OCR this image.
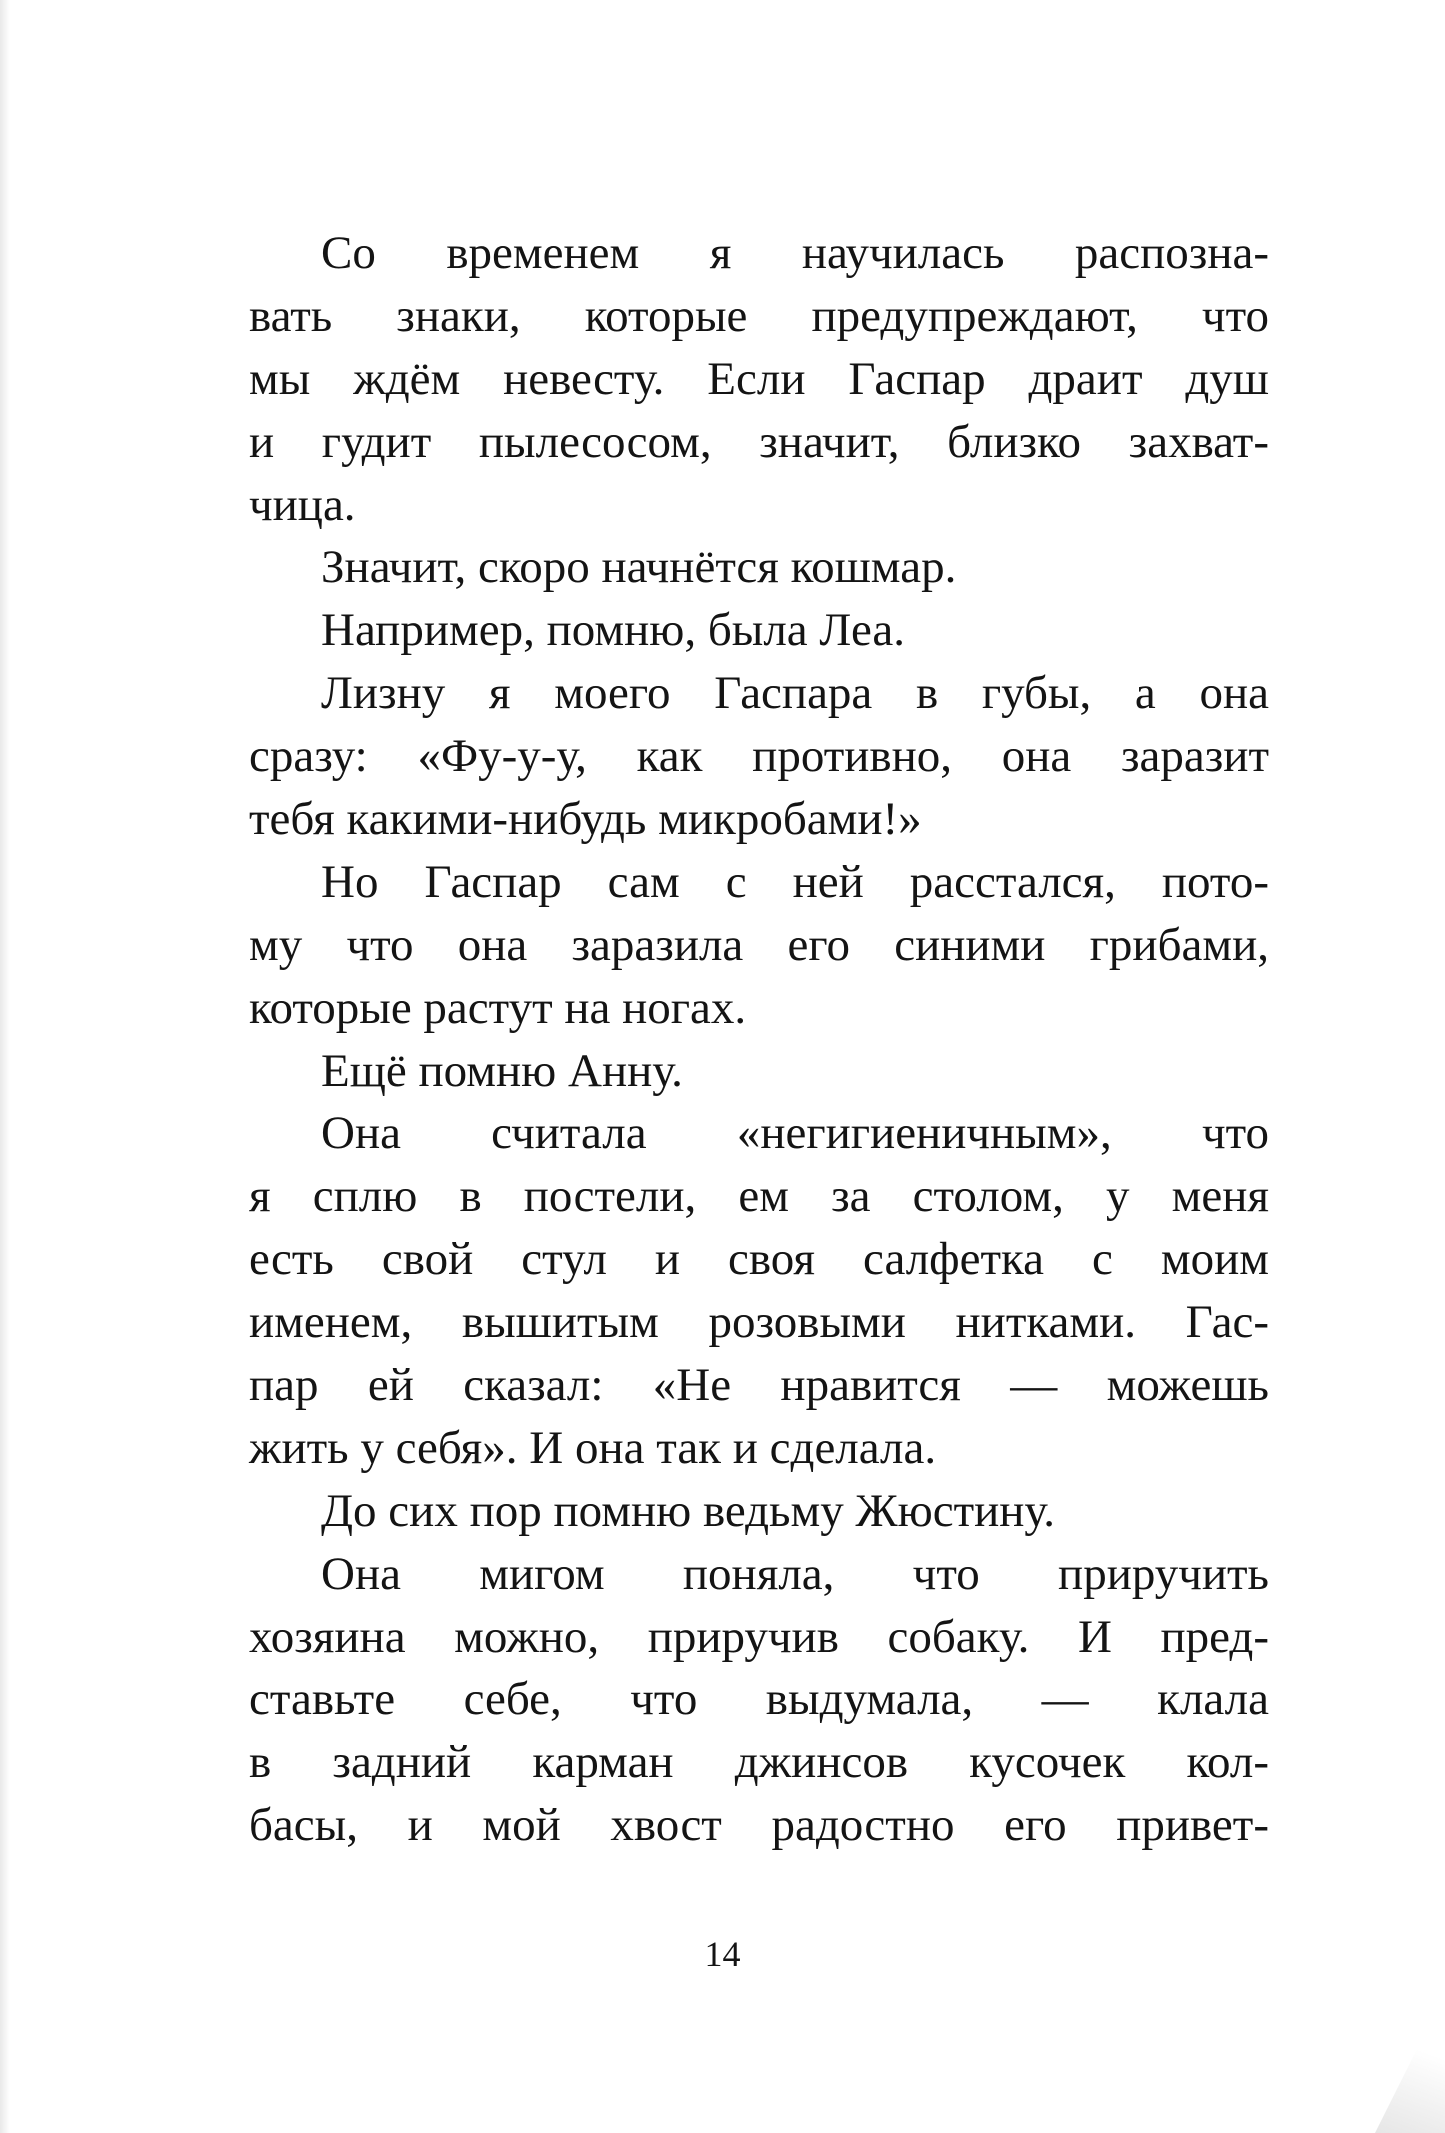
Со временем я научилась распозна-
вать знаки, которые предупреждают, что
мы ждём невесту. Если Гаспар драит душ
и гудит пылесосом, значит, близко захват-
чица.
Значит, скоро начнётся кошмар.
Например, помню, была Леа.
Лизну я моего Гаспара в губы, а она
сразу: «Фу-у-у, как противно, она заразит
тебя какими-нибудь микробами!»
Но Гаспар сам с ней расстался, пото-
му что она заразила его синими грибами,
которые растут на ногах.
Ещё помню Анну.
Она считала «негигиеничным», что
я сплю в постели, ем за столом, у меня
есть свой стул и своя салфетка с моим
именем, вышитым розовыми нитками. Гас-
пар ей сказал: «Не нравится — можешь
жить у себя». И она так и сделала.
До сих пор помню ведьму Жюстину.
Она мигом поняла, что приручить
хозяина можно, приручив собаку. И пред-
ставьте себе, что выдумала, — клала
в задний карман джинсов кусочек кол-
басы, и мой хвост радостно его привет-
14
